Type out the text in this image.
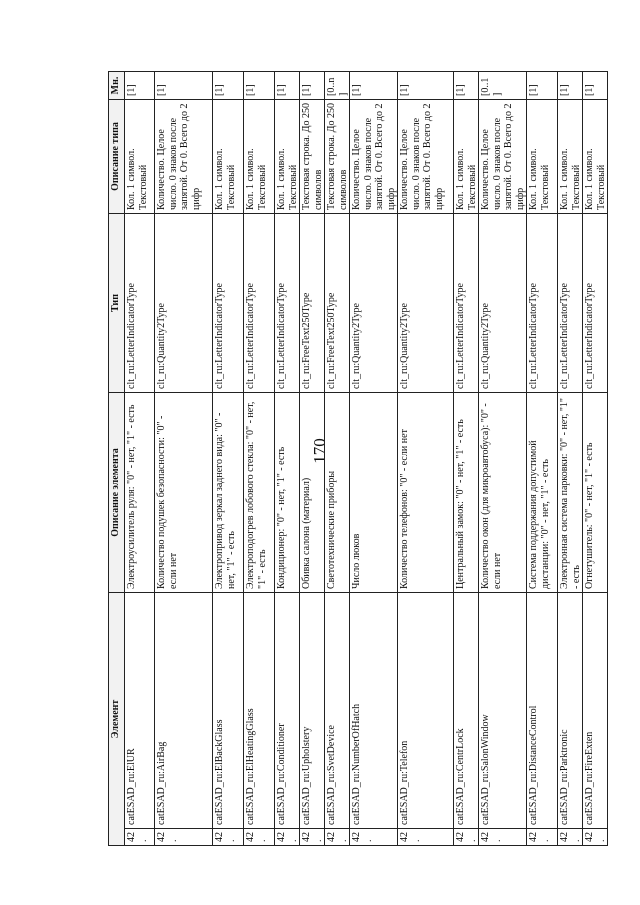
170
Элемент		Описание элемента	Тип	Описание типа	Мн.
42.	catESAD_ru:ElUR	Электроусилитель руля: "0" - нет, "1" - есть	clt_ru:LetterIndicatorType	Кол. 1 символ. Текстовый	[1]
42.	catESAD_ru:AirBag	Количество подушек безопасности: "0" - если нет	clt_ru:Quantity2Type	Количество. Целое число. 0 знаков после запятой. От 0. Всего до 2 цифр	[1]
42.	catESAD_ru:ElBackGlass	Электропривод зеркал заднего вида: "0" - нет, "1" - есть	clt_ru:LetterIndicatorType	Кол. 1 символ. Текстовый	[1]
42.	catESAD_ru:ElHeatingGlass	Электроподогрев лобового стекла: "0" - нет, "1" - есть	clt_ru:LetterIndicatorType	Кол. 1 символ. Текстовый	[1]
42.	catESAD_ru:Conditioner	Кондиционер: "0" - нет, "1" - есть	clt_ru:LetterIndicatorType	Кол. 1 символ. Текстовый	[1]
42.	catESAD_ru:Upholstery	Обивка салона (материал)	clt_ru:FreeText250Type	Текстовая строка. До 250 символов	[1]
42.	catESAD_ru:SvetDevice	Светотехнические приборы	clt_ru:FreeText250Type	Текстовая строка. До 250 символов	[0..n]
42.	catESAD_ru:NumberOfHatch	Число люков	clt_ru:Quantity2Type	Количество. Целое число. 0 знаков после запятой. От 0. Всего до 2 цифр	[1]
42.	catESAD_ru:Telefon	Количество телефонов: "0" - если нет	clt_ru:Quantity2Type	Количество. Целое число. 0 знаков после запятой. От 0. Всего до 2 цифр	[1]
42.	catESAD_ru:CentrLock	Центральный замок: "0" - нет, "1" - есть	clt_ru:LetterIndicatorType	Кол. 1 символ. Текстовый	[1]
42.	catESAD_ru:SalonWindow	Количество окон (для микроавтобуса): "0" - если нет	clt_ru:Quantity2Type	Количество. Целое число. 0 знаков после запятой. От 0. Всего до 2 цифр	[0..1]
42.	catESAD_ru:DistanceControl	Система поддержания допустимой дистанции: "0" - нет, "1" - есть	clt_ru:LetterIndicatorType	Кол. 1 символ. Текстовый	[1]
42.	catESAD_ru:Parktronic	Электронная система парковки: "0" - нет, "1" - есть	clt_ru:LetterIndicatorType	Кол. 1 символ. Текстовый	[1]
42.	catESAD_ru:FireExten	Огнетушитель: "0" - нет, "1" - есть	clt_ru:LetterIndicatorType	Кол. 1 символ. Текстовый	[1]
